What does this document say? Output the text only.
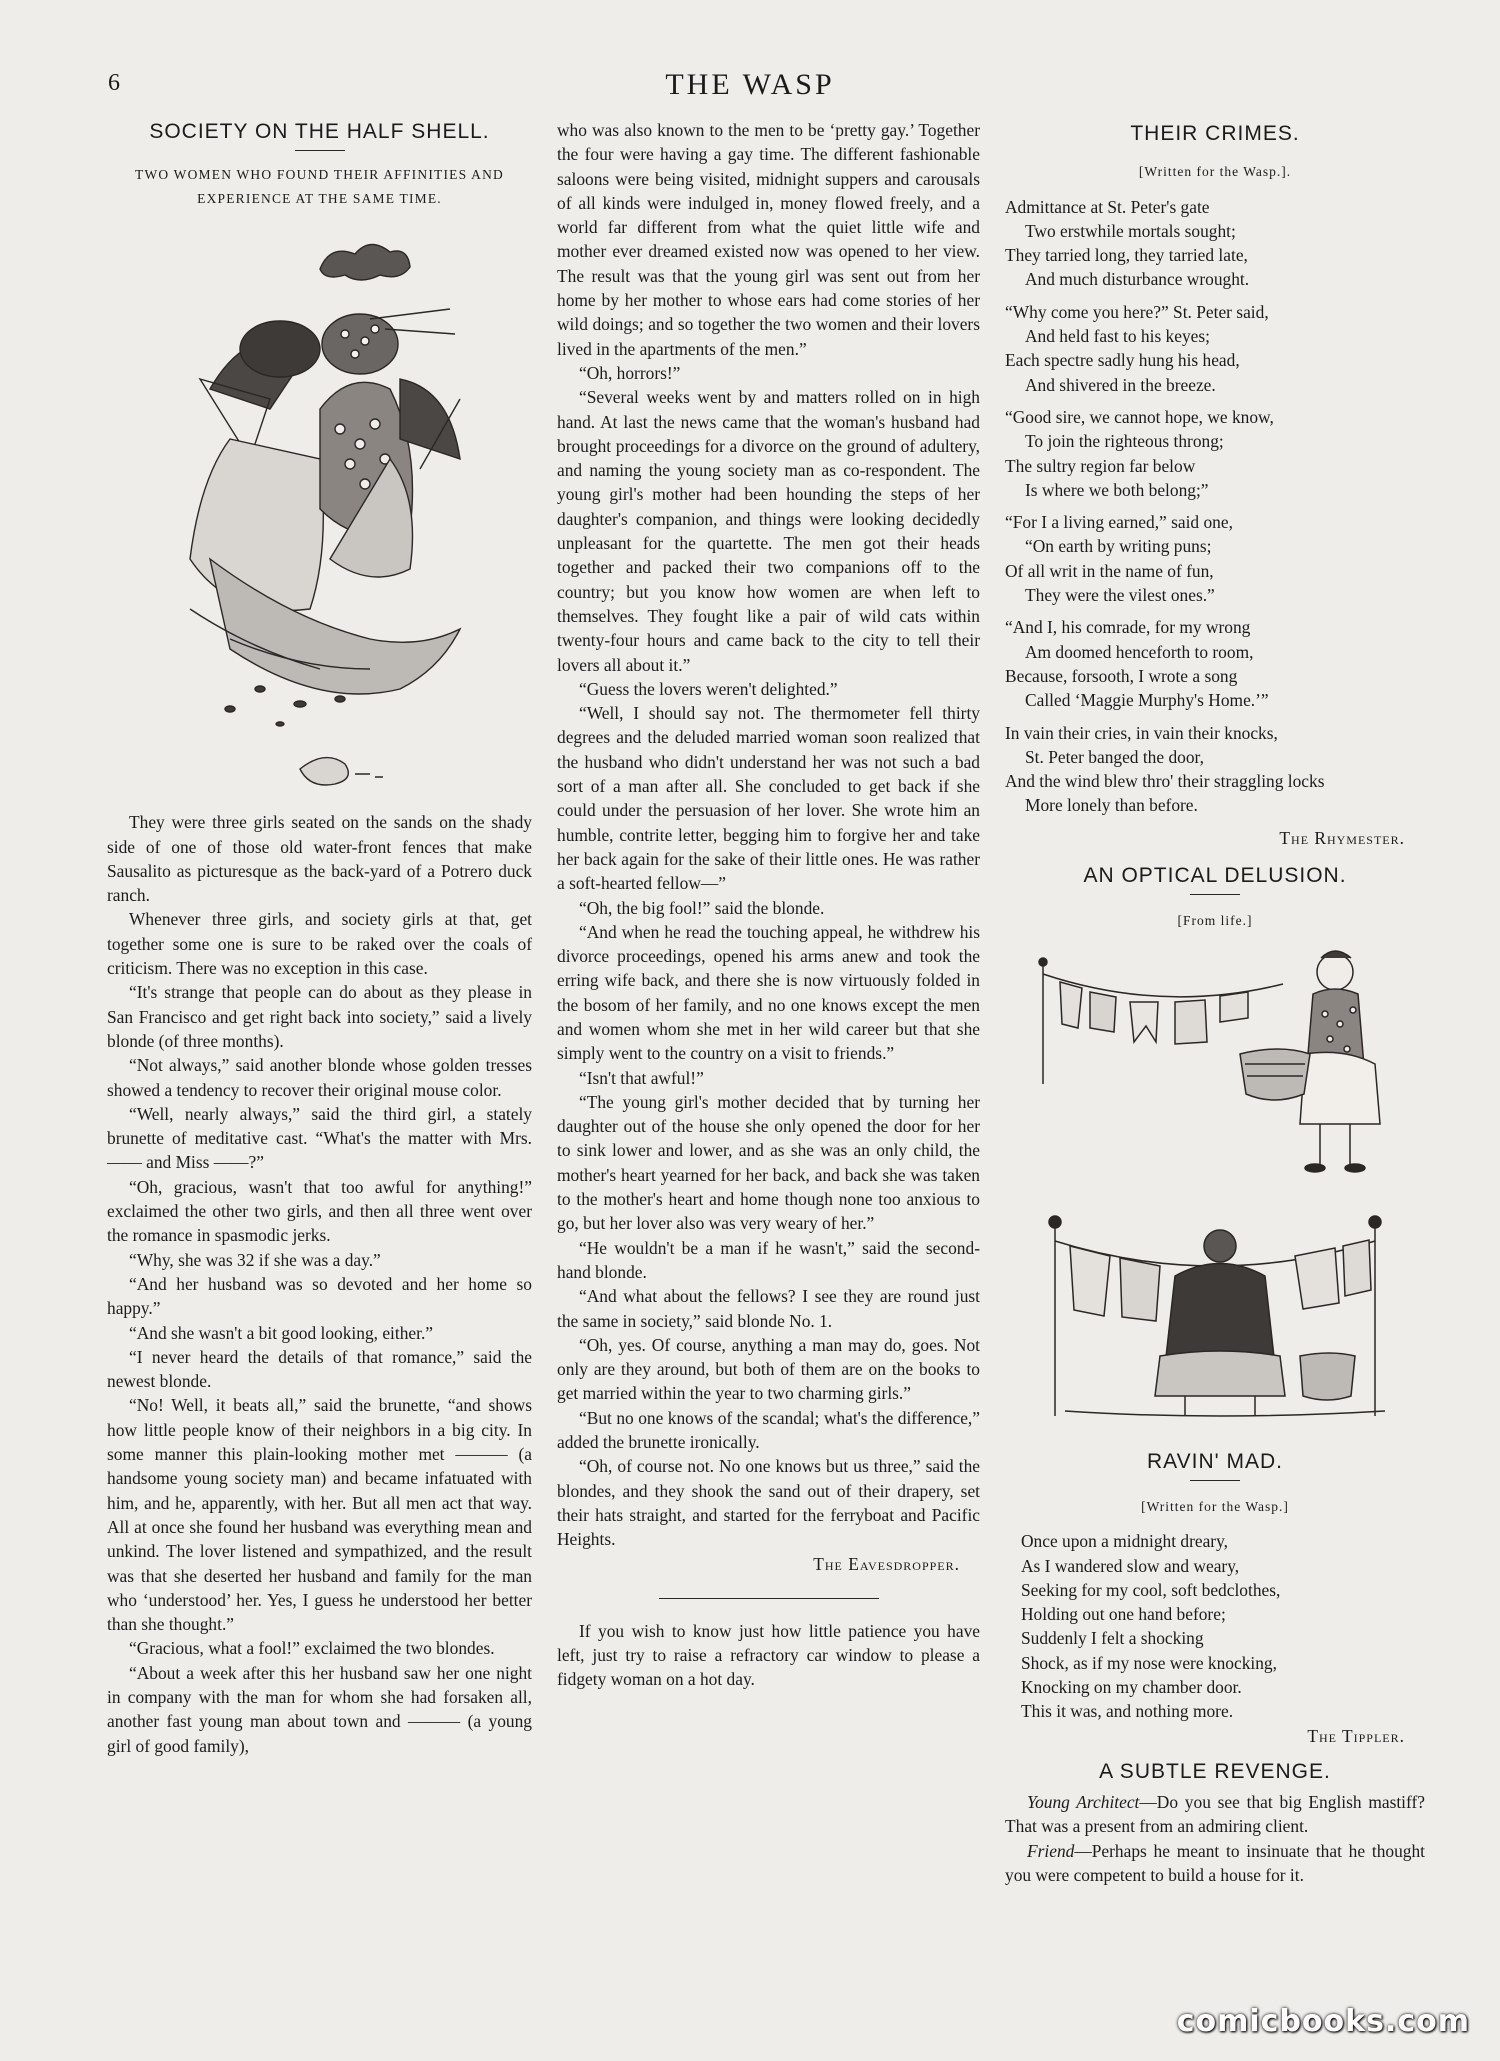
6	THE WASP
SOCIETY ON THE HALF SHELL.
TWO WOMEN WHO FOUND THEIR AFFINITIES AND EXPERIENCE AT THE SAME TIME.

They were three girls seated on the sands on the shady side of one of those old water-front fences that make Sausalito as picturesque as the back-yard of a Potrero duck ranch.

Whenever three girls, and society girls at that, get together some one is sure to be raked over the coals of criticism. There was no exception in this case.

“It's strange that people can do about as they please in San Francisco and get right back into society,” said a lively blonde (of three months).

“Not always,” said another blonde whose golden tresses showed a tendency to recover their original mouse color.

“Well, nearly always,” said the third girl, a stately brunette of meditative cast. “What's the matter with Mrs. —— and Miss ——?”

“Oh, gracious, wasn't that too awful for anything!” exclaimed the other two girls, and then all three went over the romance in spasmodic jerks.

“Why, she was 32 if she was a day.”

“And her husband was so devoted and her home so happy.”

“And she wasn't a bit good looking, either.”

“I never heard the details of that romance,” said the newest blonde.

“No! Well, it beats all,” said the brunette, “and shows how little people know of their neighbors in a big city. In some manner this plain-looking mother met ——— (a handsome young society man) and became infatuated with him, and he, apparently, with her. But all men act that way. All at once she found her husband was everything mean and unkind. The lover listened and sympathized, and the result was that she deserted her husband and family for the man who ‘understood’ her. Yes, I guess he understood her better than she thought.”

“Gracious, what a fool!” exclaimed the two blondes.

“About a week after this her husband saw her one night in company with the man for whom she had forsaken all, another fast young man about town and ——— (a young girl of good family),

who was also known to the men to be ‘pretty gay.’ Together the four were having a gay time. The different fashionable saloons were being visited, midnight suppers and carousals of all kinds were indulged in, money flowed freely, and a world far different from what the quiet little wife and mother ever dreamed existed now was opened to her view. The result was that the young girl was sent out from her home by her mother to whose ears had come stories of her wild doings; and so together the two women and their lovers lived in the apartments of the men.”

“Oh, horrors!”

“Several weeks went by and matters rolled on in high hand. At last the news came that the woman's husband had brought proceedings for a divorce on the ground of adultery, and naming the young society man as co-respondent. The young girl's mother had been hounding the steps of her daughter's companion, and things were looking decidedly unpleasant for the quartette. The men got their heads together and packed their two companions off to the country; but you know how women are when left to themselves. They fought like a pair of wild cats within twenty-four hours and came back to the city to tell their lovers all about it.”

“Guess the lovers weren't delighted.”

“Well, I should say not. The thermometer fell thirty degrees and the deluded married woman soon realized that the husband who didn't understand her was not such a bad sort of a man after all. She concluded to get back if she could under the persuasion of her lover. She wrote him an humble, contrite letter, begging him to forgive her and take her back again for the sake of their little ones. He was rather a soft-hearted fellow—”

“Oh, the big fool!” said the blonde.

“And when he read the touching appeal, he withdrew his divorce proceedings, opened his arms anew and took the erring wife back, and there she is now virtuously folded in the bosom of her family, and no one knows except the men and women whom she met in her wild career but that she simply went to the country on a visit to friends.”

“Isn't that awful!”

“The young girl's mother decided that by turning her daughter out of the house she only opened the door for her to sink lower and lower, and as she was an only child, the mother's heart yearned for her back, and back she was taken to the mother's heart and home though none too anxious to go, but her lover also was very weary of her.”

“He wouldn't be a man if he wasn't,” said the second-hand blonde.

“And what about the fellows? I see they are round just the same in society,” said blonde No. 1.

“Oh, yes. Of course, anything a man may do, goes. Not only are they around, but both of them are on the books to get married within the year to two charming girls.”

“But no one knows of the scandal; what's the difference,” added the brunette ironically.

“Oh, of course not. No one knows but us three,” said the blondes, and they shook the sand out of their drapery, set their hats straight, and started for the ferryboat and Pacific Heights.

The Eavesdropper.

If you wish to know just how little patience you have left, just try to raise a refractory car window to please a fidgety woman on a hot day.

THEIR CRIMES.
[Written for the Wasp.].
Admittance at St. Peter's gate
Two erstwhile mortals sought;
They tarried long, they tarried late,
And much disturbance wrought.
“Why come you here?” St. Peter said,
And held fast to his keyes;
Each spectre sadly hung his head,
And shivered in the breeze.
“Good sire, we cannot hope, we know,
To join the righteous throng;
The sultry region far below
Is where we both belong;”
“For I a living earned,” said one,
“On earth by writing puns;
Of all writ in the name of fun,
They were the vilest ones.”
“And I, his comrade, for my wrong
Am doomed henceforth to room,
Because, forsooth, I wrote a song
Called ‘Maggie Murphy's Home.’”
In vain their cries, in vain their knocks,
St. Peter banged the door,
And the wind blew thro' their straggling locks
More lonely than before.
The Rhymester.
AN OPTICAL DELUSION.
[From life.]
RAVIN' MAD.
[Written for the Wasp.]
Once upon a midnight dreary,
As I wandered slow and weary,
Seeking for my cool, soft bedclothes,
Holding out one hand before;
Suddenly I felt a shocking
Shock, as if my nose were knocking,
Knocking on my chamber door.
This it was, and nothing more.
The Tippler.
A SUBTLE REVENGE.

Young Architect—Do you see that big English mastiff? That was a present from an admiring client.

Friend—Perhaps he meant to insinuate that he thought you were competent to build a house for it.

comicbooks.com
